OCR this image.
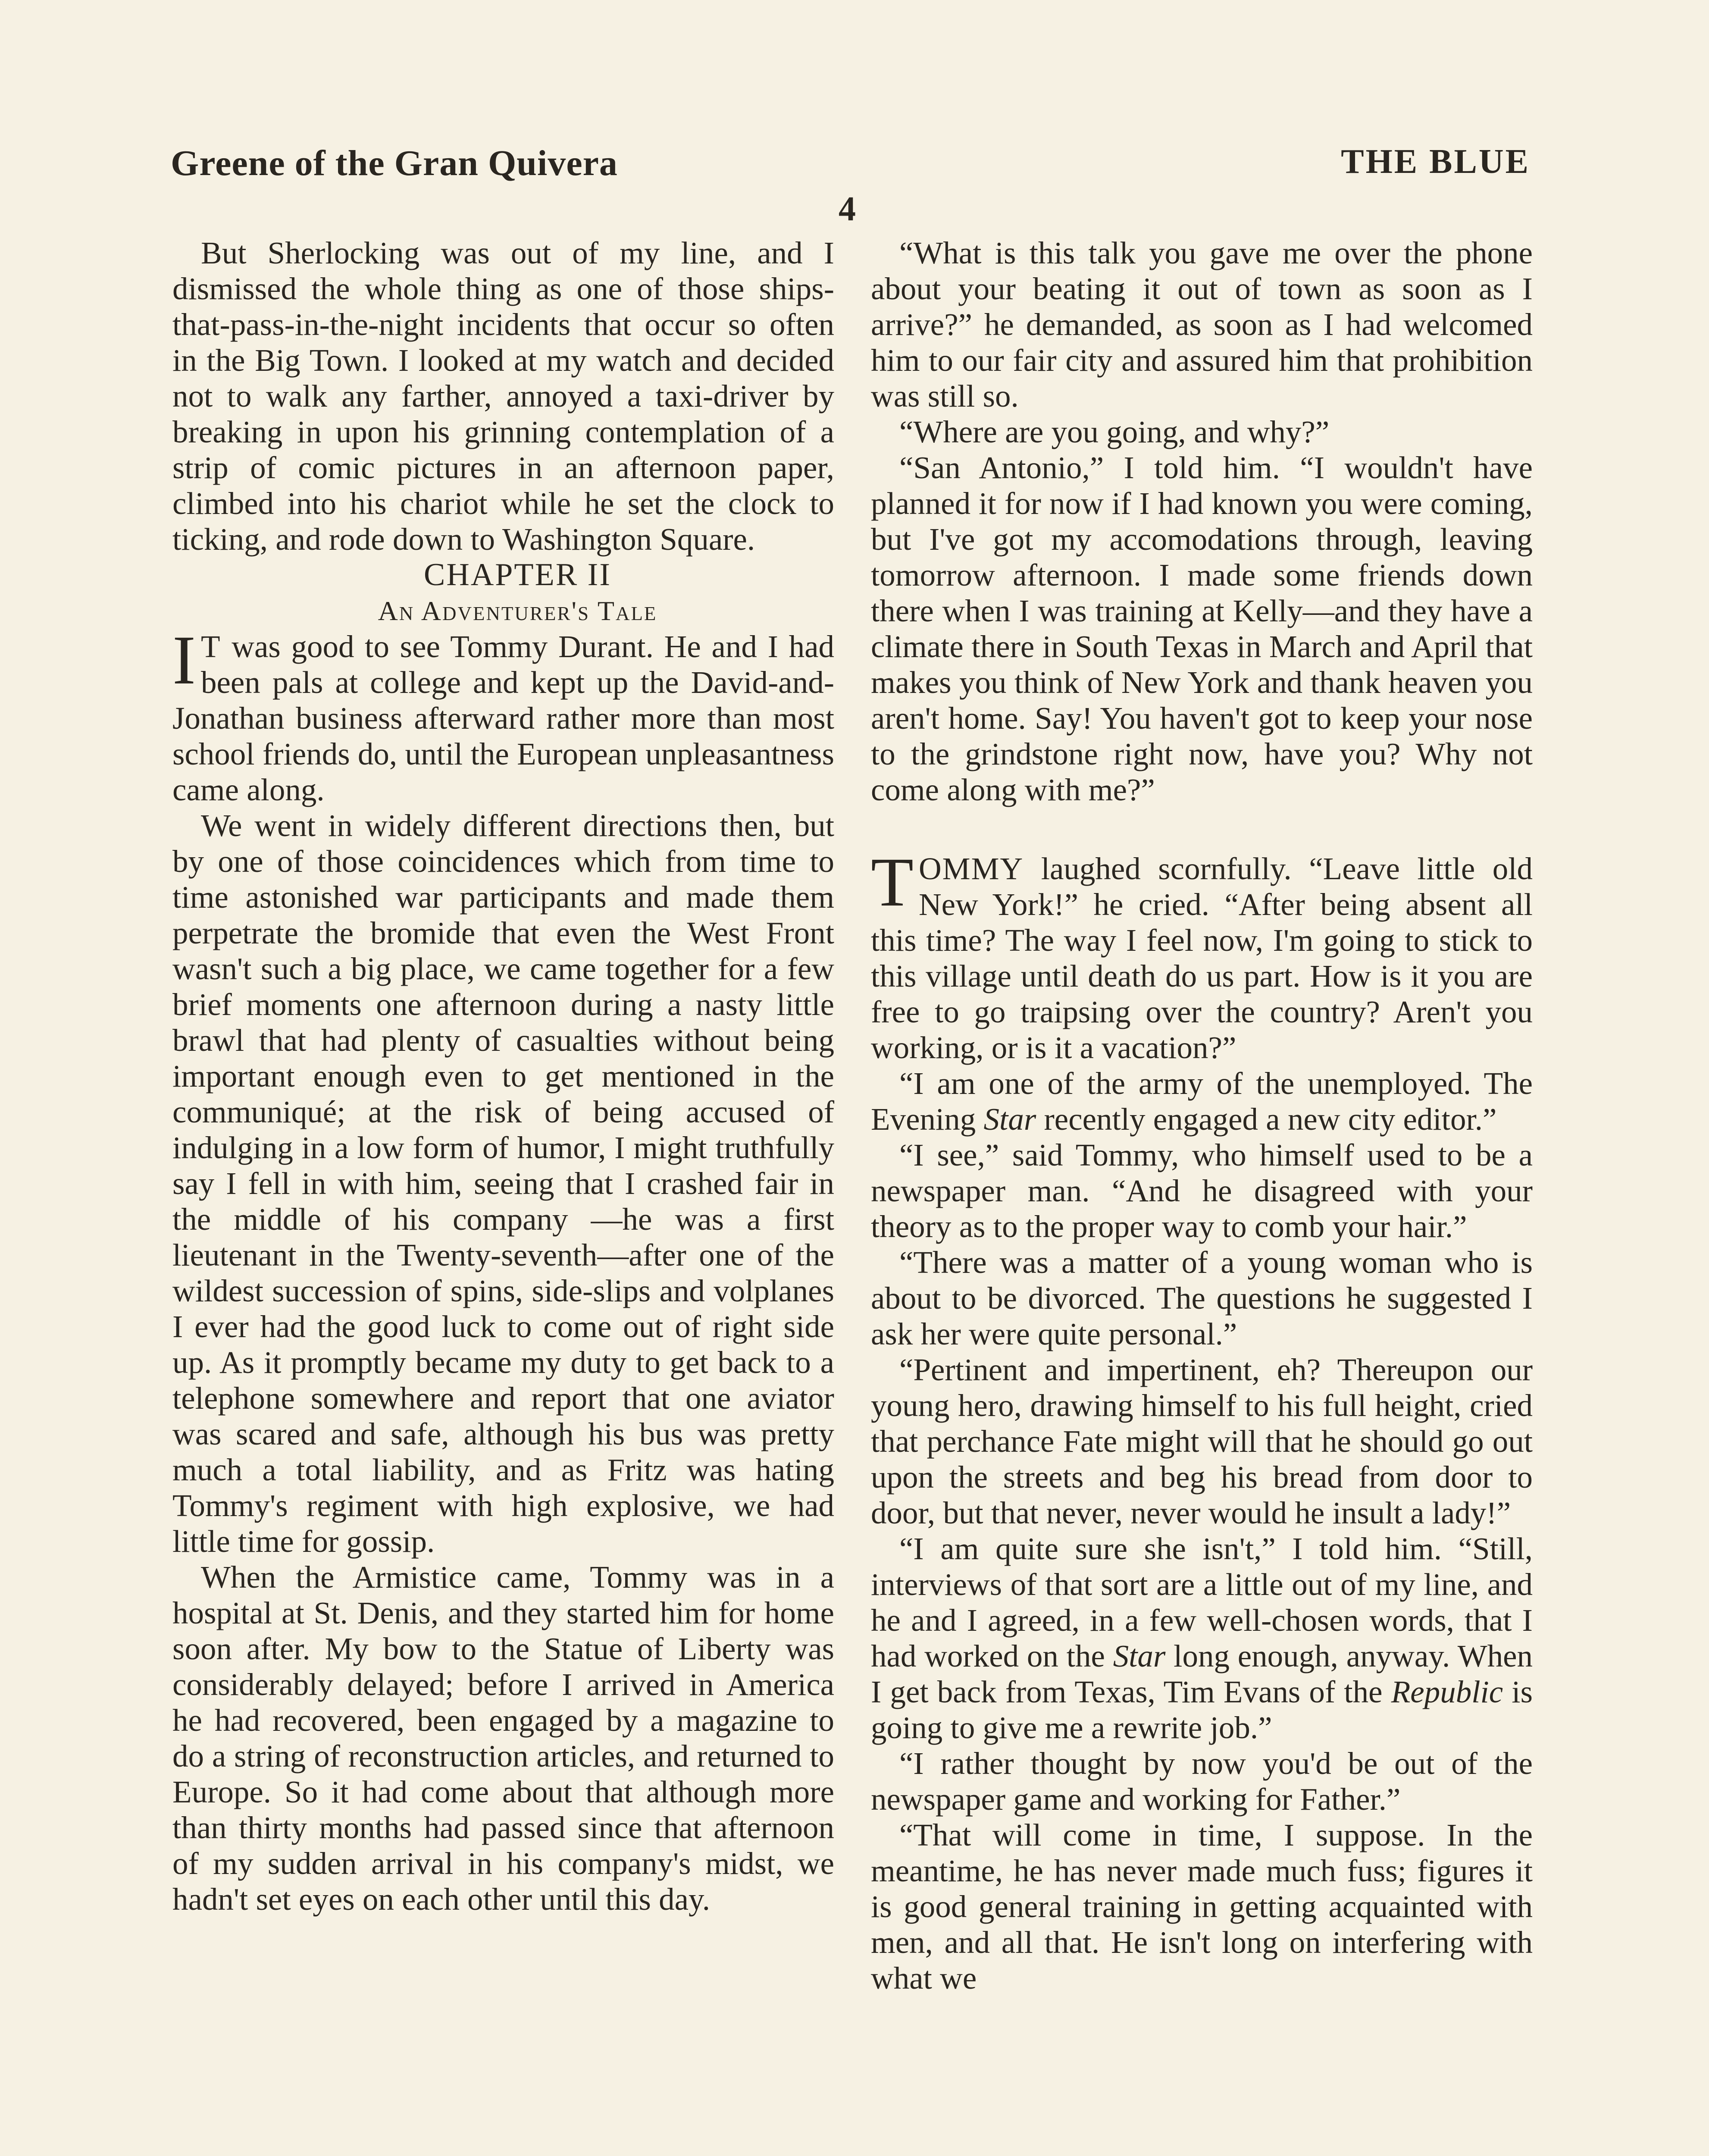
Greene of the Gran Quivera	THE BLUE
4

But Sherlocking was out of my line, and I dismissed the whole thing as one of those ships-that-pass-in-the-night incidents that occur so often in the Big Town. I looked at my watch and decided not to walk any farther, annoyed a taxi-driver by breaking in upon his grinning contemplation of a strip of comic pictures in an afternoon paper, climbed into his chariot while he set the clock to ticking, and rode down to Washington Square.

CHAPTER II

An Adventurer's Tale

I T was good to see Tommy Durant. He and I had been pals at college and kept up the David-and-Jonathan business afterward rather more than most school friends do, until the European unpleasantness came along.

We went in widely different directions then, but by one of those coincidences which from time to time astonished war participants and made them perpetrate the bromide that even the West Front wasn't such a big place, we came together for a few brief moments one afternoon during a nasty little brawl that had plenty of casualties without being important enough even to get mentioned in the communiqué; at the risk of being accused of indulging in a low form of humor, I might truthfully say I fell in with him, seeing that I crashed fair in the middle of his company —he was a first lieutenant in the Twenty-seventh—after one of the wildest succession of spins, side-slips and volplanes I ever had the good luck to come out of right side up. As it promptly became my duty to get back to a telephone somewhere and report that one aviator was scared and safe, although his bus was pretty much a total liability, and as Fritz was hating Tommy's regiment with high explosive, we had little time for gossip.

When the Armistice came, Tommy was in a hospital at St. Denis, and they started him for home soon after. My bow to the Statue of Liberty was considerably delayed; before I arrived in America he had recovered, been engaged by a magazine to do a string of reconstruction articles, and returned to Europe. So it had come about that although more than thirty months had passed since that afternoon of my sudden arrival in his company's midst, we hadn't set eyes on each other until this day.

“What is this talk you gave me over the phone about your beating it out of town as soon as I arrive?” he demanded, as soon as I had welcomed him to our fair city and assured him that prohibition was still so.

“Where are you going, and why?”

“San Antonio,” I told him. “I wouldn't have planned it for now if I had known you were coming, but I've got my accomodations through, leaving tomorrow afternoon. I made some friends down there when I was training at Kelly—and they have a climate there in South Texas in March and April that makes you think of New York and thank heaven you aren't home. Say! You haven't got to keep your nose to the grindstone right now, have you? Why not come along with me?”

TOMMY laughed scornfully. “Leave little old New York!” he cried. “After being absent all this time? The way I feel now, I'm going to stick to this village until death do us part. How is it you are free to go traipsing over the country? Aren't you working, or is it a vacation?”

“I am one of the army of the unemployed. The Evening Star recently engaged a new city editor.”

“I see,” said Tommy, who himself used to be a newspaper man. “And he disagreed with your theory as to the proper way to comb your hair.”

“There was a matter of a young woman who is about to be divorced. The questions he suggested I ask her were quite personal.”

“Pertinent and impertinent, eh? Thereupon our young hero, drawing himself to his full height, cried that perchance Fate might will that he should go out upon the streets and beg his bread from door to door, but that never, never would he insult a lady!”

“I am quite sure she isn't,” I told him. “Still, interviews of that sort are a little out of my line, and he and I agreed, in a few well-chosen words, that I had worked on the Star long enough, anyway. When I get back from Texas, Tim Evans of the Republic is going to give me a rewrite job.”

“I rather thought by now you'd be out of the newspaper game and working for Father.”

“That will come in time, I suppose. In the meantime, he has never made much fuss; figures it is good general training in getting acquainted with men, and all that. He isn't long on interfering with what we
